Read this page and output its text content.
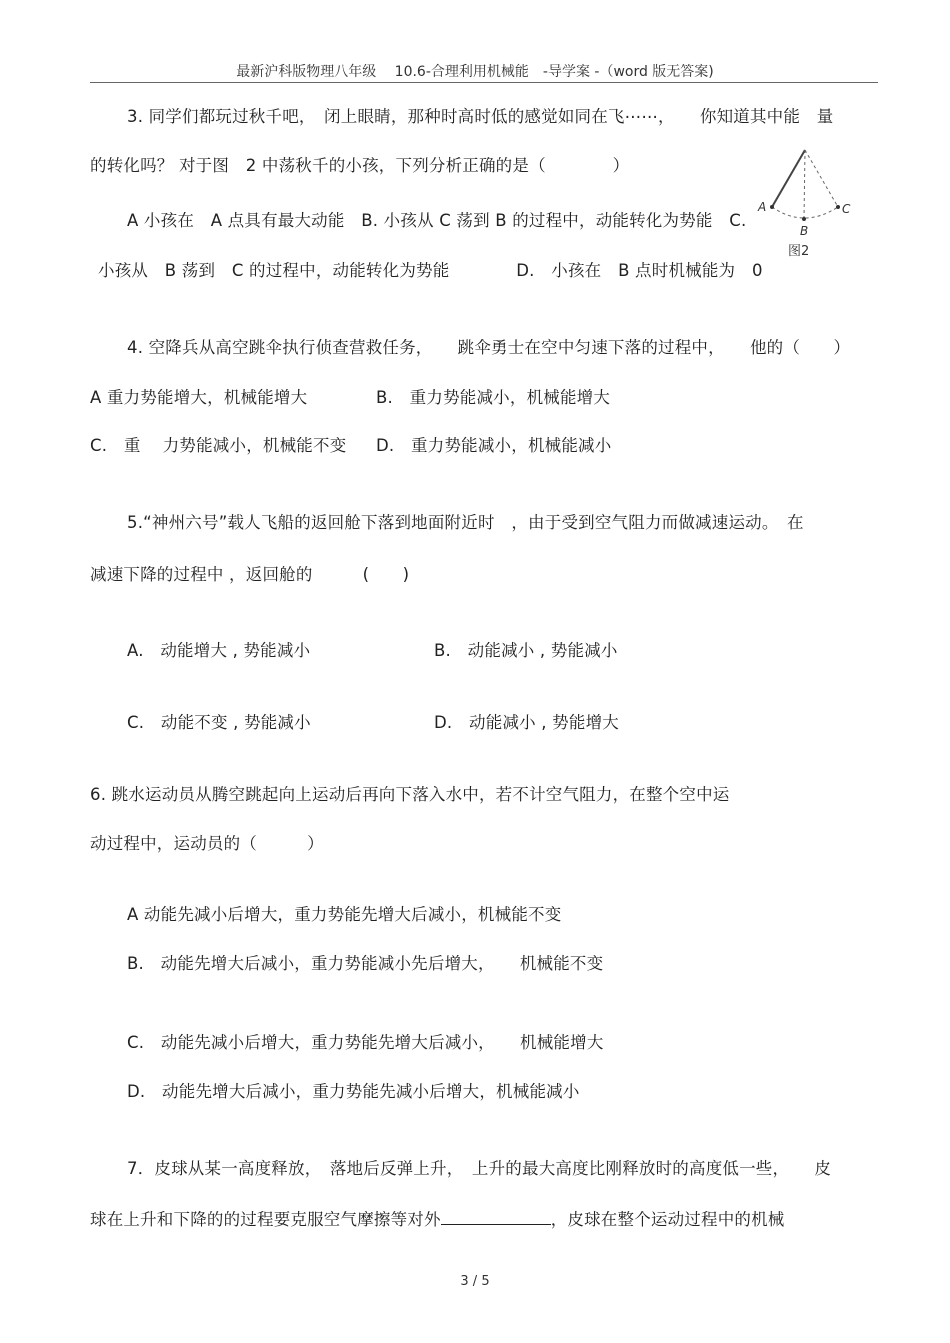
最新沪科版物理八年级　 10.6-合理利用机械能　-导学案 -（word 版无答案)
3. 同学们都玩过秋千吧，　闭上眼睛，那种时高时低的感觉如同在飞⋯⋯，　　你知道其中能　量
的转化吗？ 对于图　2 中荡秋千的小孩，下列分析正确的是（　　　　）
A 小孩在　A 点具有最大动能　B. 小孩从 C 荡到 B 的过程中，动能转化为势能　C.
小孩从　B 荡到　C 的过程中，动能转化为势能　　　　D.　小孩在　B 点时机械能为　0
A
B
C
图2
4. 空降兵从高空跳伞执行侦查营救任务，　　跳伞勇士在空中匀速下落的过程中，　　他的（　　）
A 重力势能增大，机械能增大	B.　重力势能减小，机械能增大
C.　重　 力势能减小，机械能不变 D.　重力势能减小，机械能减小
5.“神州六号”载人飞船的返回舱下落到地面附近时　，由于受到空气阻力而做减速运动。　在
减速下降的过程中 ，返回舱的　　　(　　)
A.　动能增大 , 势能减小	B.　动能减小 , 势能减小
C.　动能不变 , 势能减小	D.　动能减小 , 势能增大
6. 跳水运动员从腾空跳起向上运动后再向下落入水中，若不计空气阻力，在整个空中运
动过程中，运动员的（　　　）
A 动能先减小后增大，重力势能先增大后减小，机械能不变
B.　动能先增大后减小，重力势能减小先后增大，　　机械能不变
C.　动能先减小后增大，重力势能先增大后减小，　　机械能增大
D.　动能先增大后减小，重力势能先减小后增大，机械能减小
7．皮球从某一高度释放，　落地后反弹上升，　上升的最大高度比刚释放时的高度低一些，　　皮
球在上升和下降的的过程要克服空气摩擦等对外	，皮球在整个运动过程中的机械
3 / 5
